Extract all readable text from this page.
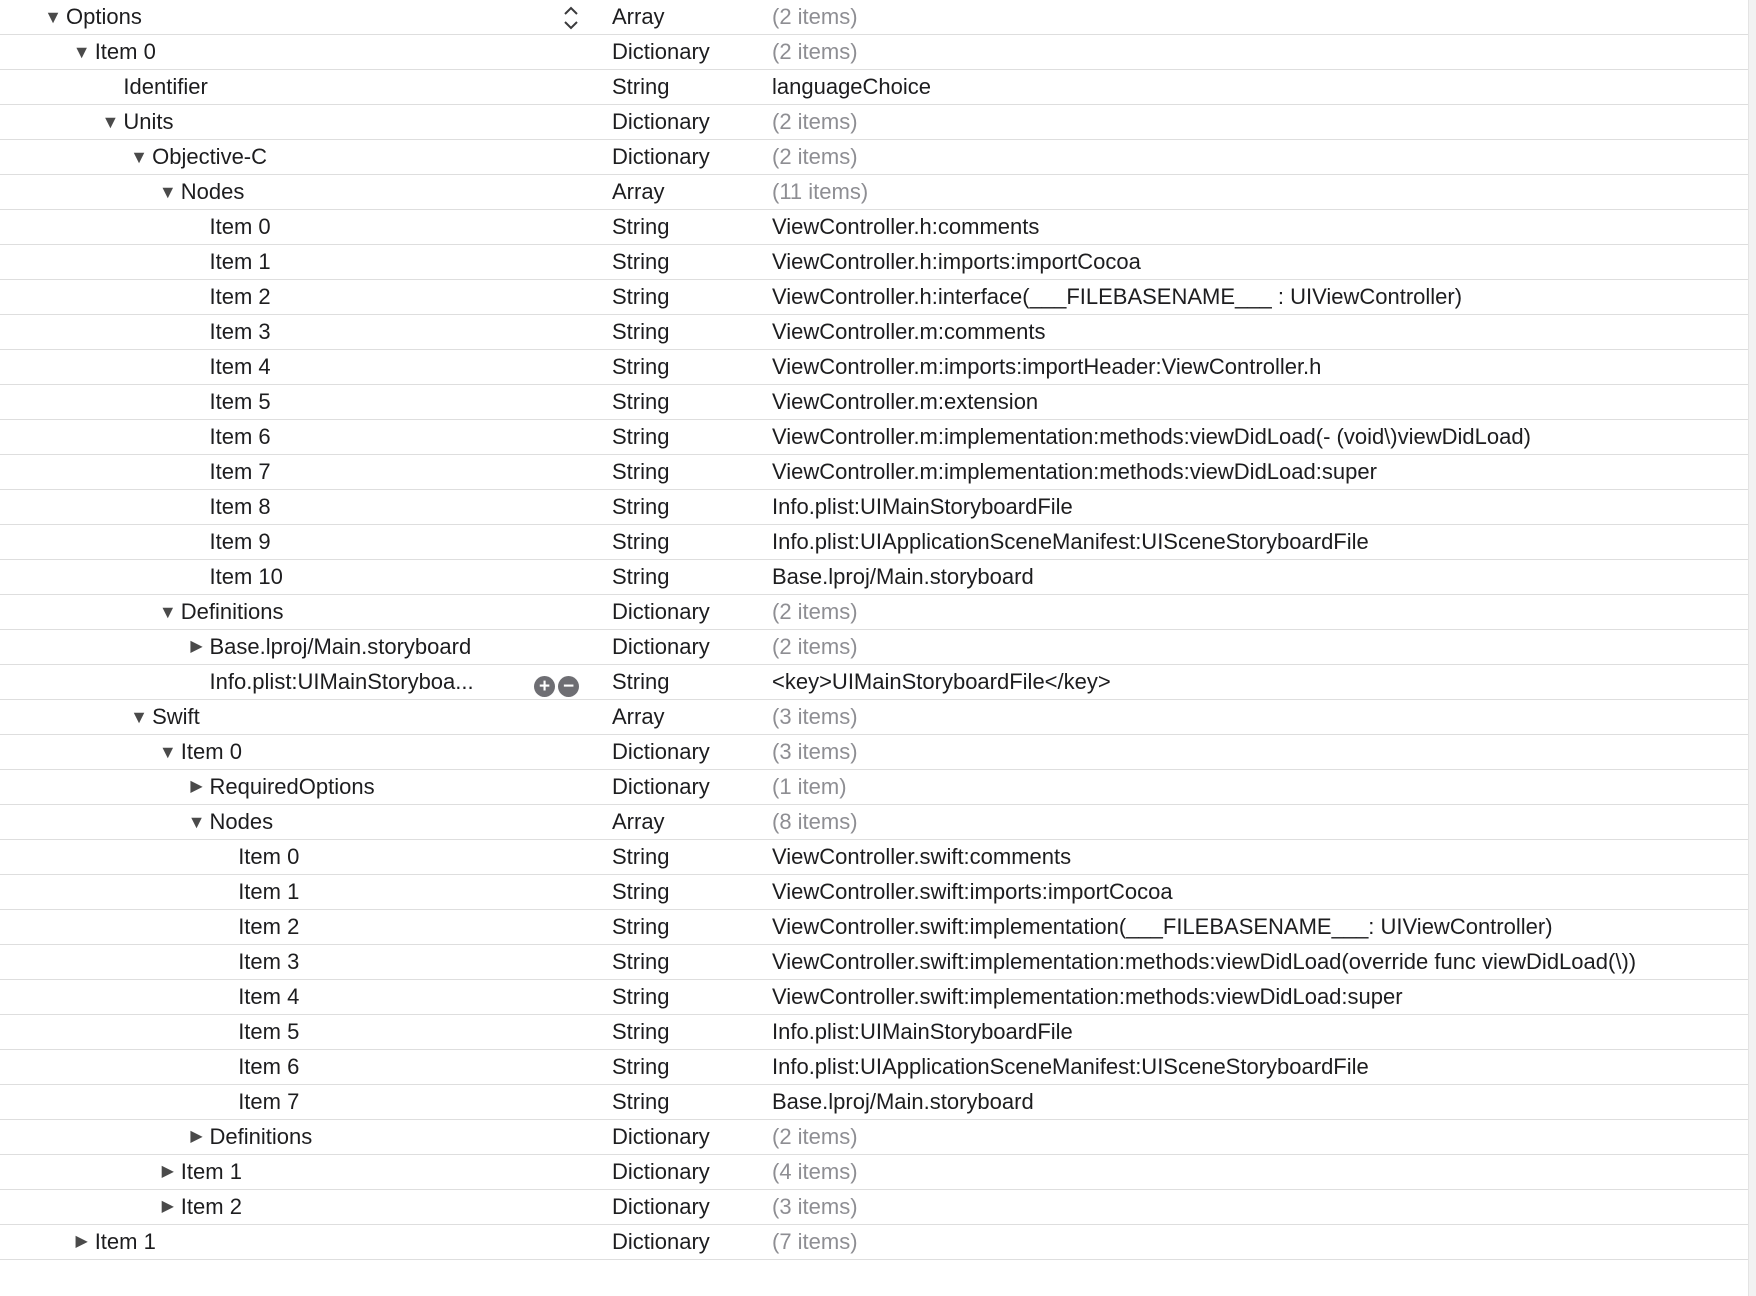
▼ Options	Array	(2 items)
▼ Item 0	Dictionary	(2 items)
Identifier	String	languageChoice
▼ Units	Dictionary	(2 items)
▼ Objective-C	Dictionary	(2 items)
▼ Nodes	Array	(11 items)
Item 0	String	ViewController.h:comments
Item 1	String	ViewController.h:imports:importCocoa
Item 2	String	ViewController.h:interface(___FILEBASENAME___ : UIViewController)
Item 3	String	ViewController.m:comments
Item 4	String	ViewController.m:imports:importHeader:ViewController.h
Item 5	String	ViewController.m:extension
Item 6	String	ViewController.m:implementation:methods:viewDidLoad(- (void\)viewDidLoad)
Item 7	String	ViewController.m:implementation:methods:viewDidLoad:super
Item 8	String	Info.plist:UIMainStoryboardFile
Item 9	String	Info.plist:UIApplicationSceneManifest:UISceneStoryboardFile
Item 10	String	Base.lproj/Main.storyboard
▼ Definitions	Dictionary	(2 items)
▶ Base.lproj/Main.storyboard	Dictionary	(2 items)
Info.plist:UIMainStoryboa...	String	<key>UIMainStoryboardFile</key>
+ −
▼ Swift	Array	(3 items)
▼ Item 0	Dictionary	(3 items)
▶ RequiredOptions	Dictionary	(1 item)
▼ Nodes	Array	(8 items)
Item 0	String	ViewController.swift:comments
Item 1	String	ViewController.swift:imports:importCocoa
Item 2	String	ViewController.swift:implementation(___FILEBASENAME___: UIViewController)
Item 3	String	ViewController.swift:implementation:methods:viewDidLoad(override func viewDidLoad(\))
Item 4	String	ViewController.swift:implementation:methods:viewDidLoad:super
Item 5	String	Info.plist:UIMainStoryboardFile
Item 6	String	Info.plist:UIApplicationSceneManifest:UISceneStoryboardFile
Item 7	String	Base.lproj/Main.storyboard
▶ Definitions	Dictionary	(2 items)
▶ Item 1	Dictionary	(4 items)
▶ Item 2	Dictionary	(3 items)
▶ Item 1	Dictionary	(7 items)
